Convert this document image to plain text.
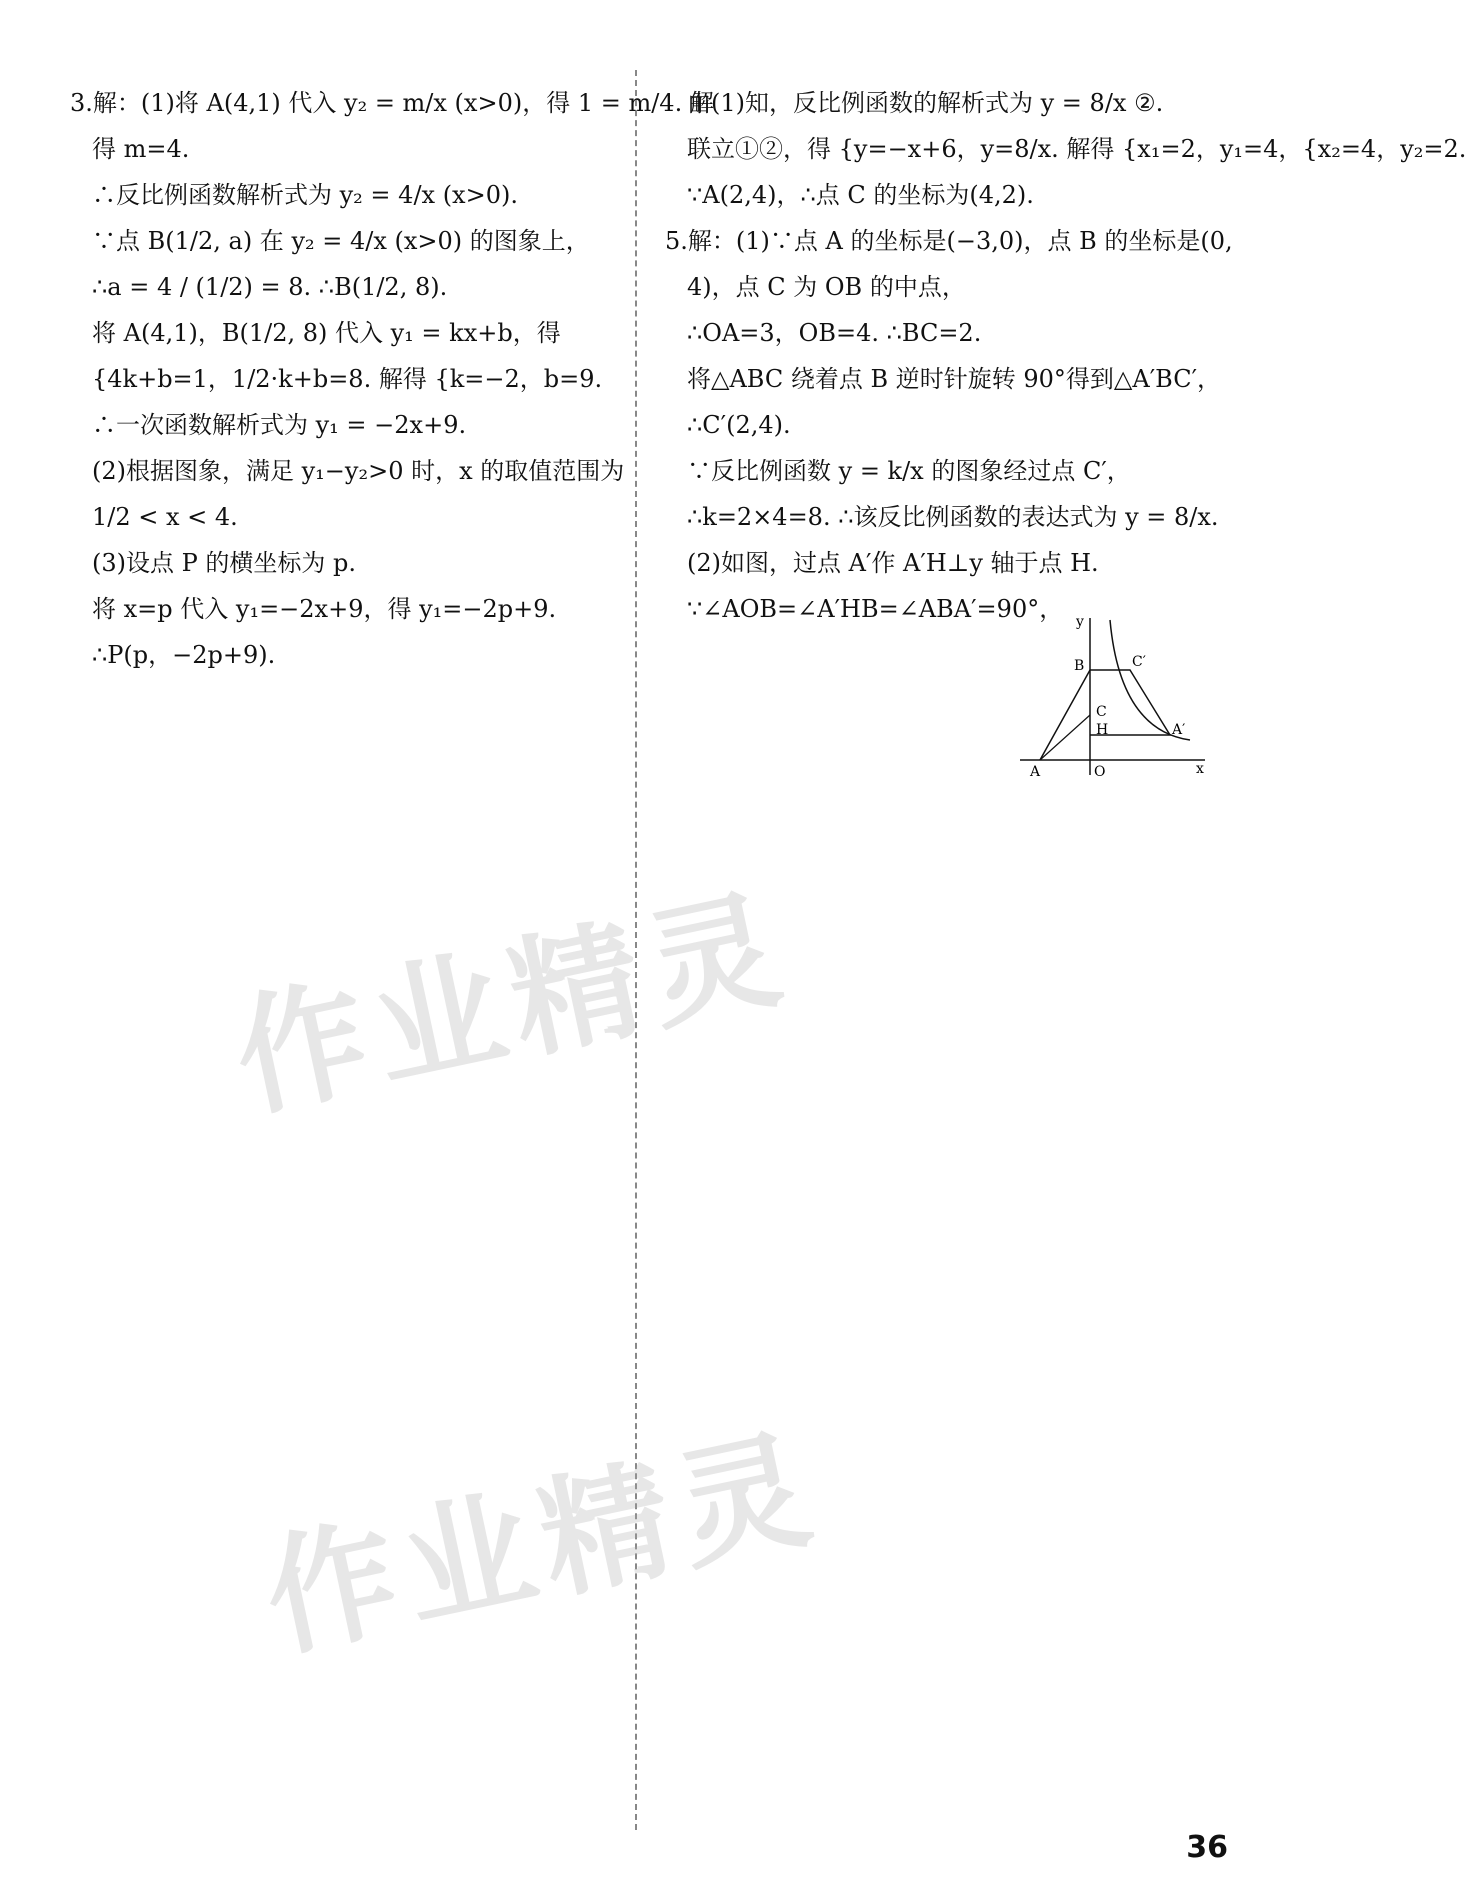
3.解：(1)将 A(4,1) 代入 y₂ = m/x (x>0)，得 1 = m/4. 解
得 m=4.
∴反比例函数解析式为 y₂ = 4/x (x>0).
∵点 B(1/2, a) 在 y₂ = 4/x (x>0) 的图象上，
∴a = 4 / (1/2) = 8. ∴B(1/2, 8).
将 A(4,1)，B(1/2, 8) 代入 y₁ = kx+b，得
{4k+b=1，1/2·k+b=8. 解得 {k=−2，b=9.
∴一次函数解析式为 y₁ = −2x+9.
(2)根据图象，满足 y₁−y₂>0 时，x 的取值范围为
1/2 < x < 4.
(3)设点 P 的横坐标为 p.
将 x=p 代入 y₁=−2x+9，得 y₁=−2p+9.
∴P(p，−2p+9).
由(1)知，反比例函数的解析式为 y = 8/x ②.
联立①②，得 {y=−x+6，y=8/x. 解得 {x₁=2，y₁=4，{x₂=4，y₂=2.
∵A(2,4)，∴点 C 的坐标为(4,2).
5.解：(1)∵点 A 的坐标是(−3,0)，点 B 的坐标是(0,
4)，点 C 为 OB 的中点，
∴OA=3，OB=4. ∴BC=2.
将△ABC 绕着点 B 逆时针旋转 90°得到△A′BC′，
∴C′(2,4).
∵反比例函数 y = k/x 的图象经过点 C′，
∴k=2×4=8. ∴该反比例函数的表达式为 y = 8/x.
(2)如图，过点 A′作 A′H⊥y 轴于点 H.
∵∠AOB=∠A′HB=∠ABA′=90°，
x
y
A	O
B
C
C′
H	A′
作业精灵
作业精灵
36
